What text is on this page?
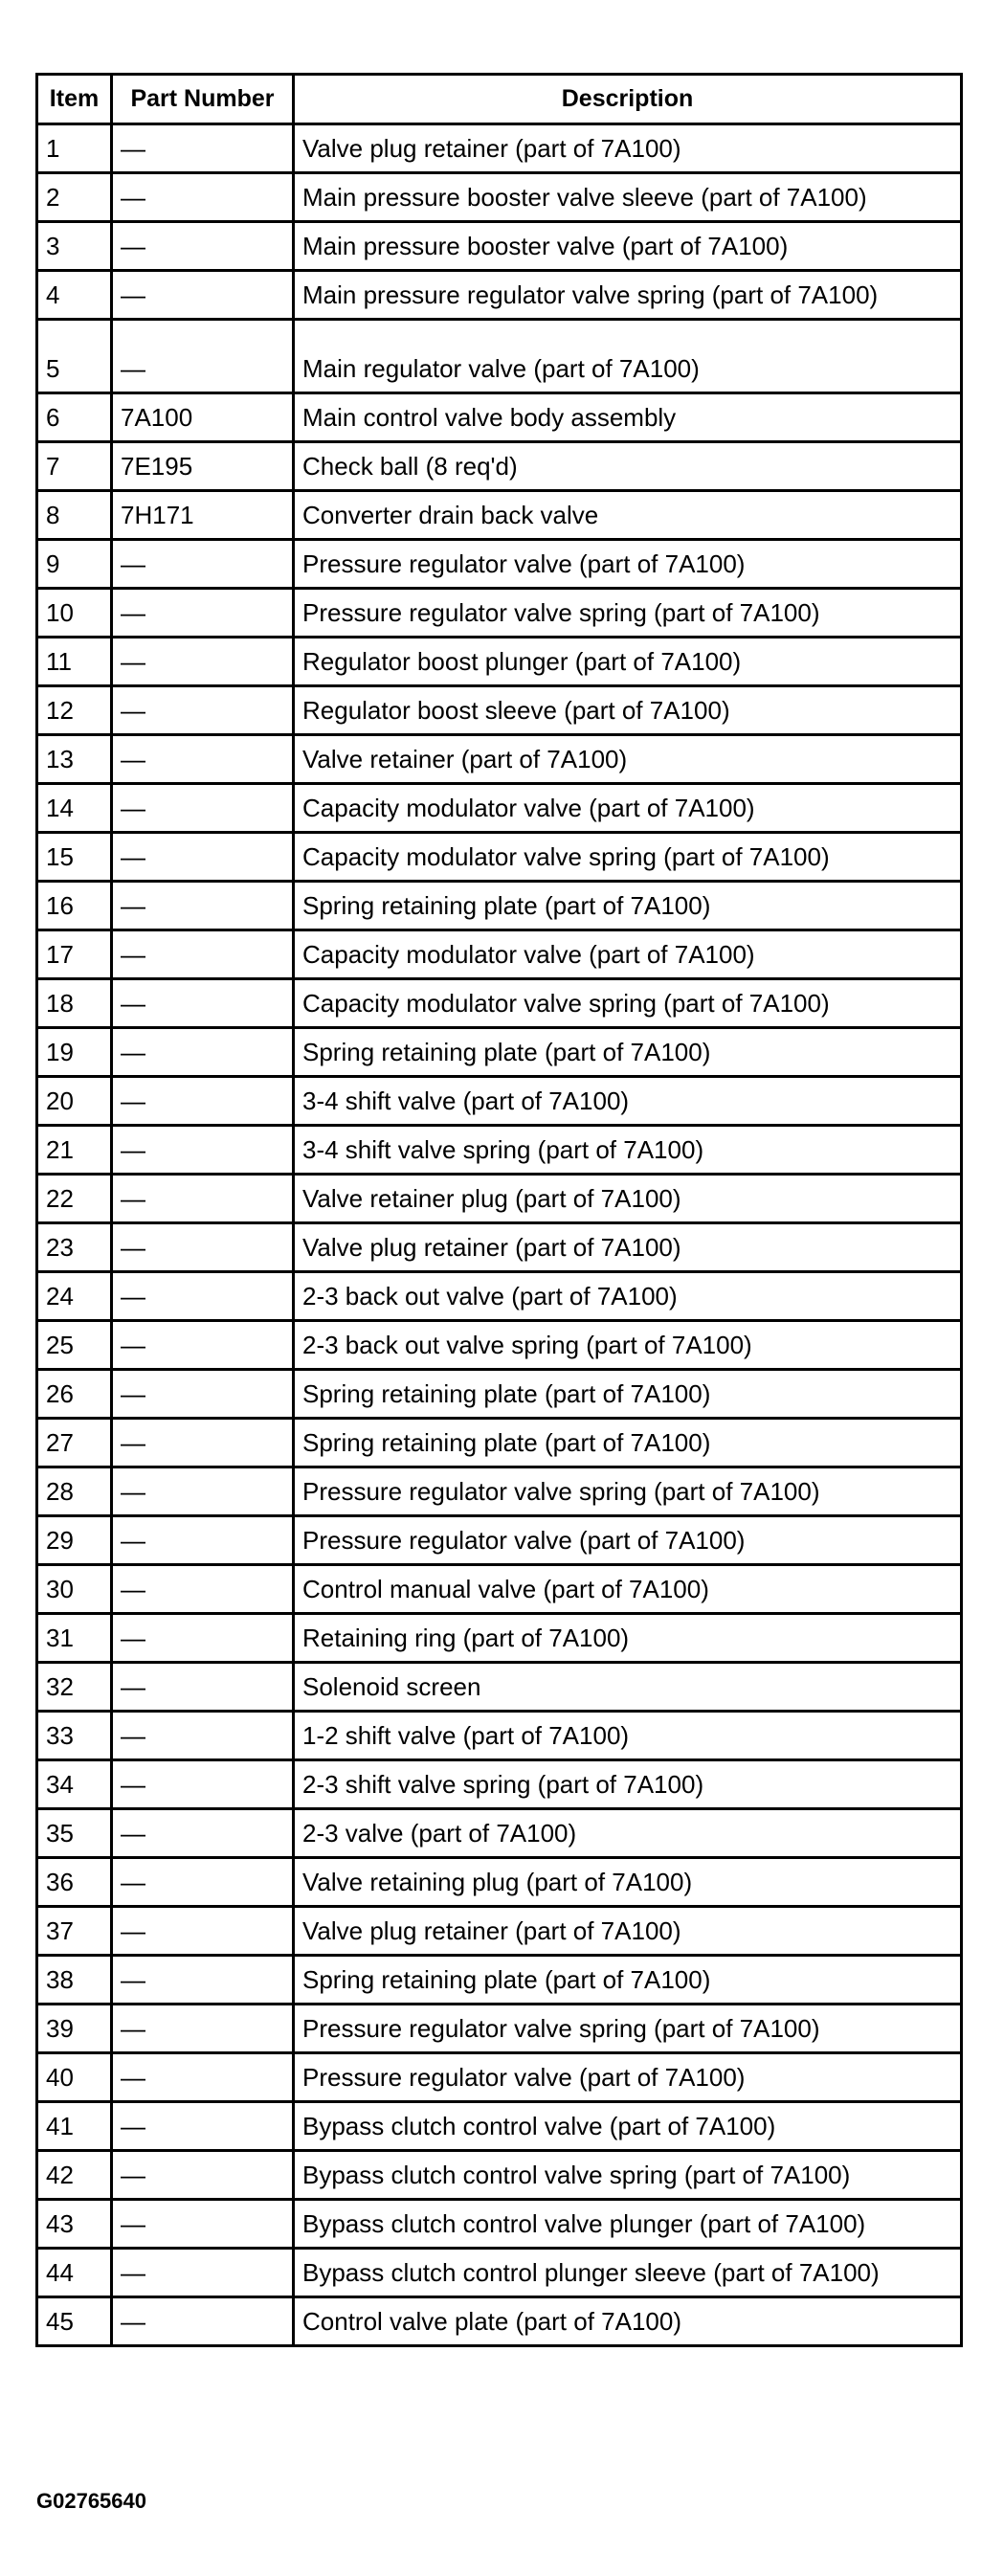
Item	Part Number	Description
1	—	Valve plug retainer (part of 7A100)
2	—	Main pressure booster valve sleeve (part of 7A100)
3	—	Main pressure booster valve (part of 7A100)
4	—	Main pressure regulator valve spring (part of 7A100)
5	—	Main regulator valve (part of 7A100)
6	7A100	Main control valve body assembly
7	7E195	Check ball (8 req'd)
8	7H171	Converter drain back valve
9	—	Pressure regulator valve (part of 7A100)
10	—	Pressure regulator valve spring (part of 7A100)
11	—	Regulator boost plunger (part of 7A100)
12	—	Regulator boost sleeve (part of 7A100)
13	—	Valve retainer (part of 7A100)
14	—	Capacity modulator valve (part of 7A100)
15	—	Capacity modulator valve spring (part of 7A100)
16	—	Spring retaining plate (part of 7A100)
17	—	Capacity modulator valve (part of 7A100)
18	—	Capacity modulator valve spring (part of 7A100)
19	—	Spring retaining plate (part of 7A100)
20	—	3-4 shift valve (part of 7A100)
21	—	3-4 shift valve spring (part of 7A100)
22	—	Valve retainer plug (part of 7A100)
23	—	Valve plug retainer (part of 7A100)
24	—	2-3 back out valve (part of 7A100)
25	—	2-3 back out valve spring (part of 7A100)
26	—	Spring retaining plate (part of 7A100)
27	—	Spring retaining plate (part of 7A100)
28	—	Pressure regulator valve spring (part of 7A100)
29	—	Pressure regulator valve (part of 7A100)
30	—	Control manual valve (part of 7A100)
31	—	Retaining ring (part of 7A100)
32	—	Solenoid screen
33	—	1-2 shift valve (part of 7A100)
34	—	2-3 shift valve spring (part of 7A100)
35	—	2-3 valve (part of 7A100)
36	—	Valve retaining plug (part of 7A100)
37	—	Valve plug retainer (part of 7A100)
38	—	Spring retaining plate (part of 7A100)
39	—	Pressure regulator valve spring (part of 7A100)
40	—	Pressure regulator valve (part of 7A100)
41	—	Bypass clutch control valve (part of 7A100)
42	—	Bypass clutch control valve spring (part of 7A100)
43	—	Bypass clutch control valve plunger (part of 7A100)
44	—	Bypass clutch control plunger sleeve (part of 7A100)
45	—	Control valve plate (part of 7A100)
G02765640
